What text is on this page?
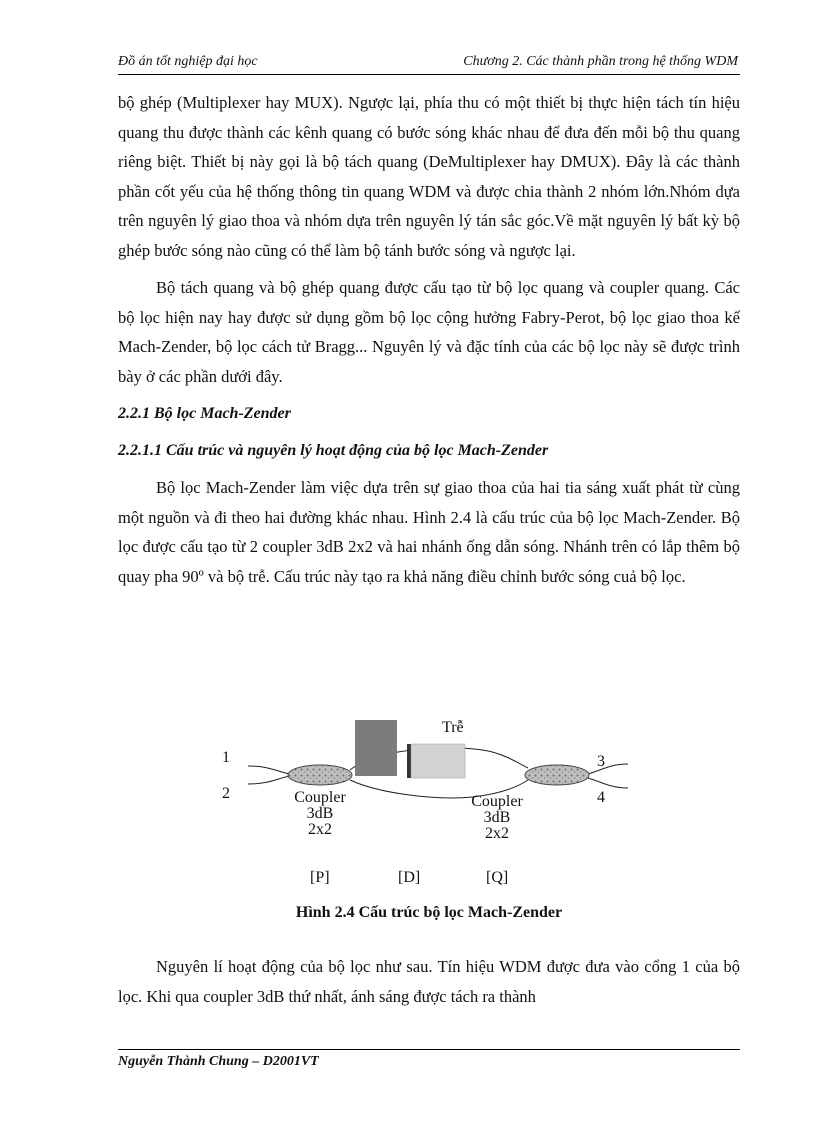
Đồ án tốt nghiệp đại học	Chương 2. Các thành phần trong hệ thống WDM

bộ ghép (Multiplexer hay MUX). Ngược lại, phía thu có một thiết bị thực hiện tách tín hiệu quang thu được thành các kênh quang có bước sóng khác nhau để đưa đến mỗi bộ thu quang riêng biệt. Thiết bị này gọi là bộ tách quang (DeMultiplexer hay DMUX). Đây là các thành phần cốt yếu của hệ thống thông tin quang WDM và được chia thành 2 nhóm lớn.Nhóm dựa trên nguyên lý giao thoa và nhóm dựa trên nguyên lý tán sắc góc.Về mặt nguyên lý bất kỳ bộ ghép bước sóng nào cũng có thể làm bộ tánh bước sóng và ngược lại.

Bộ tách quang và bộ ghép quang được cấu tạo từ bộ lọc quang và coupler quang. Các bộ lọc hiện nay hay được sử dụng gồm bộ lọc cộng hưởng Fabry-Perot, bộ lọc giao thoa kế Mach-Zender, bộ lọc cách tử Bragg... Nguyên lý và đặc tính của các bộ lọc này sẽ được trình bày ở các phần dưới đây.

2.2.1 Bộ lọc Mach-Zender
2.2.1.1 Cấu trúc và nguyên lý hoạt động của bộ lọc Mach-Zender

Bộ lọc Mach-Zender làm việc dựa trên sự giao thoa của hai tia sáng xuất phát từ cùng một nguồn và đi theo hai đường khác nhau. Hình 2.4 là cấu trúc của bộ lọc Mach-Zender. Bộ lọc được cấu tạo từ 2 coupler 3dB 2x2 và hai nhánh ống dẫn sóng. Nhánh trên có lắp thêm bộ quay pha 90º và bộ trễ. Cấu trúc này tạo ra khả năng điều chỉnh bước sóng cuả bộ lọc.

Trễ
1
2
3
4
Coupler
3dB
2x2
Coupler
3dB
2x2
[P]	[D]	[Q]
Hình 2.4 Cấu trúc bộ lọc Mach-Zender

Nguyên lí hoạt động của bộ lọc như sau. Tín hiệu WDM được đưa vào cổng 1 của bộ lọc. Khi qua coupler 3dB thứ nhất, ánh sáng được tách ra thành

Nguyễn Thành Chung – D2001VT
